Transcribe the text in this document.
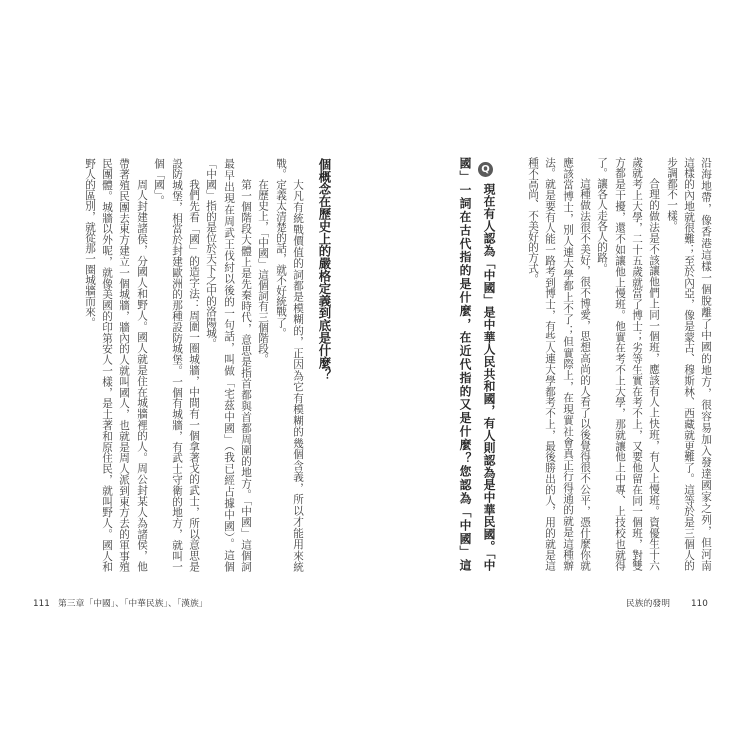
沿海地帶，像香港這樣一個脫離了中國的地方，很容易加入發達國家之列，但河南
這樣的內地就很難；至於內亞，像是蒙古、穆斯林、西藏就更難了。這等於是三個人的
步調都不一樣。
合理的做法是不該讓他們上同一個班，應該有人上快班，有人上慢班。資優生十六
歲就考上大學，二十五歲就當了博士；劣等生實在考不上，又要他留在同一個班，對雙
方都是干擾，還不如讓他上慢班。他實在考不上大學，那就讓他上中專、上技校也就得
了。讓各人走各人的路。
這種做法很不美好，很不博愛，思想高尚的人看了以後覺得很不公平，憑什麼你就
應該當博士，別人連大學都上不了；但實際上，在現實社會真正行得通的就是這種辦
法。就是要有人能一路考到博士，有些人連大學都考不上，最後勝出的人，用的就是這
種不高尚、不美好的方式。
Q
現在有人認為「中國」是中華人民共和國，有人則認為是中華民國。「中
國」一詞在古代指的是什麼，在近代指的又是什麼？您認為「中國」這
民族的發明 110
個概念在歷史上的嚴格定義到底是什麼？
大凡有統戰價值的詞都是模糊的，正因為它有模糊的幾個含義，所以才能用來統
戰。定義太清楚的話，就不好統戰了。
在歷史上，「中國」這個詞有三個階段。
第一個階段大體上是先秦時代，意思是指首都與首都周圍的地方。「中國」這個詞
最早出現在周武王伐紂以後的一句話，叫做「宅茲中國」（我已經占據中國）。這個
「中國」指的是位於天下之中的洛陽城。
我們先看「國」的造字法：周圍一圈城牆，中間有一個拿著戈的武士，所以意思是
設防城堡，相當於封建歐洲的那種設防城堡。一個有城牆，有武士守衛的地方，就叫一
個「國」。
周人封建諸侯，分國人和野人。國人就是住在城牆裡的人。周公封某人為諸侯，他
帶著殖民團去東方建立一個城牆，牆內的人就叫國人，也就是周人派到東方去的軍事殖
民團體。城牆以外呢，就像美國的印第安人一樣，是土著和原住民，就叫野人。國人和
野人的區別，就從那一圈城牆而來。
111 第三章「中國」、「中華民族」、「漢族」
